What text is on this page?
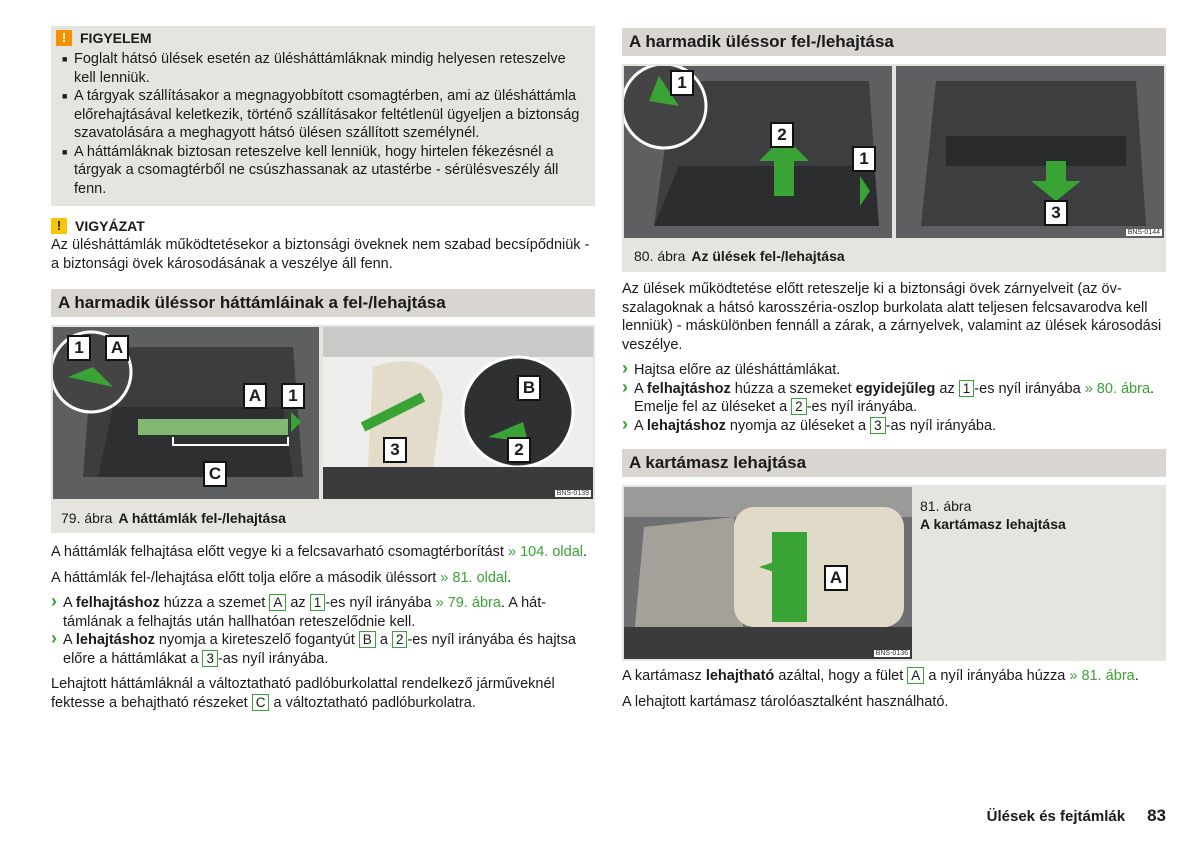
! FIGYELEM

■ Foglalt hátsó ülések esetén az ülésháttámláknak mindig helyesen reteszelve kell lenniük.

■ A tárgyak szállításakor a megnagyobbított csomagtérben, ami az ülésháttámla előrehajtásával keletkezik, történő szállításakor feltétlenül ügyeljen a biztonság szavatolására a meghagyott hátsó ülésen szállított személynél.

■ A háttámláknak biztosan reteszelve kell lenniük, hogy hirtelen fékezésnél a tárgyak a csomagtérből ne csúszhassanak az utastérbe - sérülésveszély áll fenn.

! VIGYÁZAT

Az ülésháttámlák működtetésekor a biztonsági öveknek nem szabad becsípődniük - a biztonsági övek károsodásának a veszélye áll fenn.

A harmadik üléssor háttámláinak a fel-/lehajtása
1	A
A	1
C
3
B
2
BNS-0139
79. ábra A háttámlák fel-/lehajtása

A háttámlák felhajtása előtt vegye ki a felcsavarható csomagtérborítást » 104. oldal.

A háttámlák fel-/lehajtása előtt tolja előre a második üléssort » 81. oldal.

› A felhajtáshoz húzza a szemet A az 1 -es nyíl irányába » 79. ábra. A háttámlának a felhajtás után hallhatóan reteszelődnie kell.

› A lehajtáshoz nyomja a kireteszelő fogantyút B a 2 -es nyíl irányába és hajtsa előre a háttámlákat a 3 -as nyíl irányába.

Lehajtott háttámláknál a változtatható padlóburkolattal rendelkező járműveknél fektesse a behajtható részeket C a változtatható padlóburkolatra.

A harmadik üléssor fel-/lehajtása
1
2
1
3
BNS-0144
80. ábra Az ülések fel-/lehajtása

Az ülések működtetése előtt reteszelje ki a biztonsági övek zárnyelveit (az övszalagoknak a hátsó karosszéria-oszlop burkolata alatt teljesen felcsavarodva kell lenniük) - máskülönben fennáll a zárak, a zárnyelvek, valamint az ülések károsodási veszélye.

› Hajtsa előre az ülésháttámlákat.

› A felhajtáshoz húzza a szemeket egyidejűleg az 1 -es nyíl irányába » 80. ábra. Emelje fel az üléseket a 2 -es nyíl irányába.

› A lehajtáshoz nyomja az üléseket a 3 -as nyíl irányába.

A kartámasz lehajtása
A
BNS-0136
81. ábra
A kartámasz lehajtása

A kartámasz lehajtható azáltal, hogy a fület A a nyíl irányába húzza » 81. ábra.

A lehajtott kartámasz tárolóasztalként használható.

Ülések és fejtámlák 83
